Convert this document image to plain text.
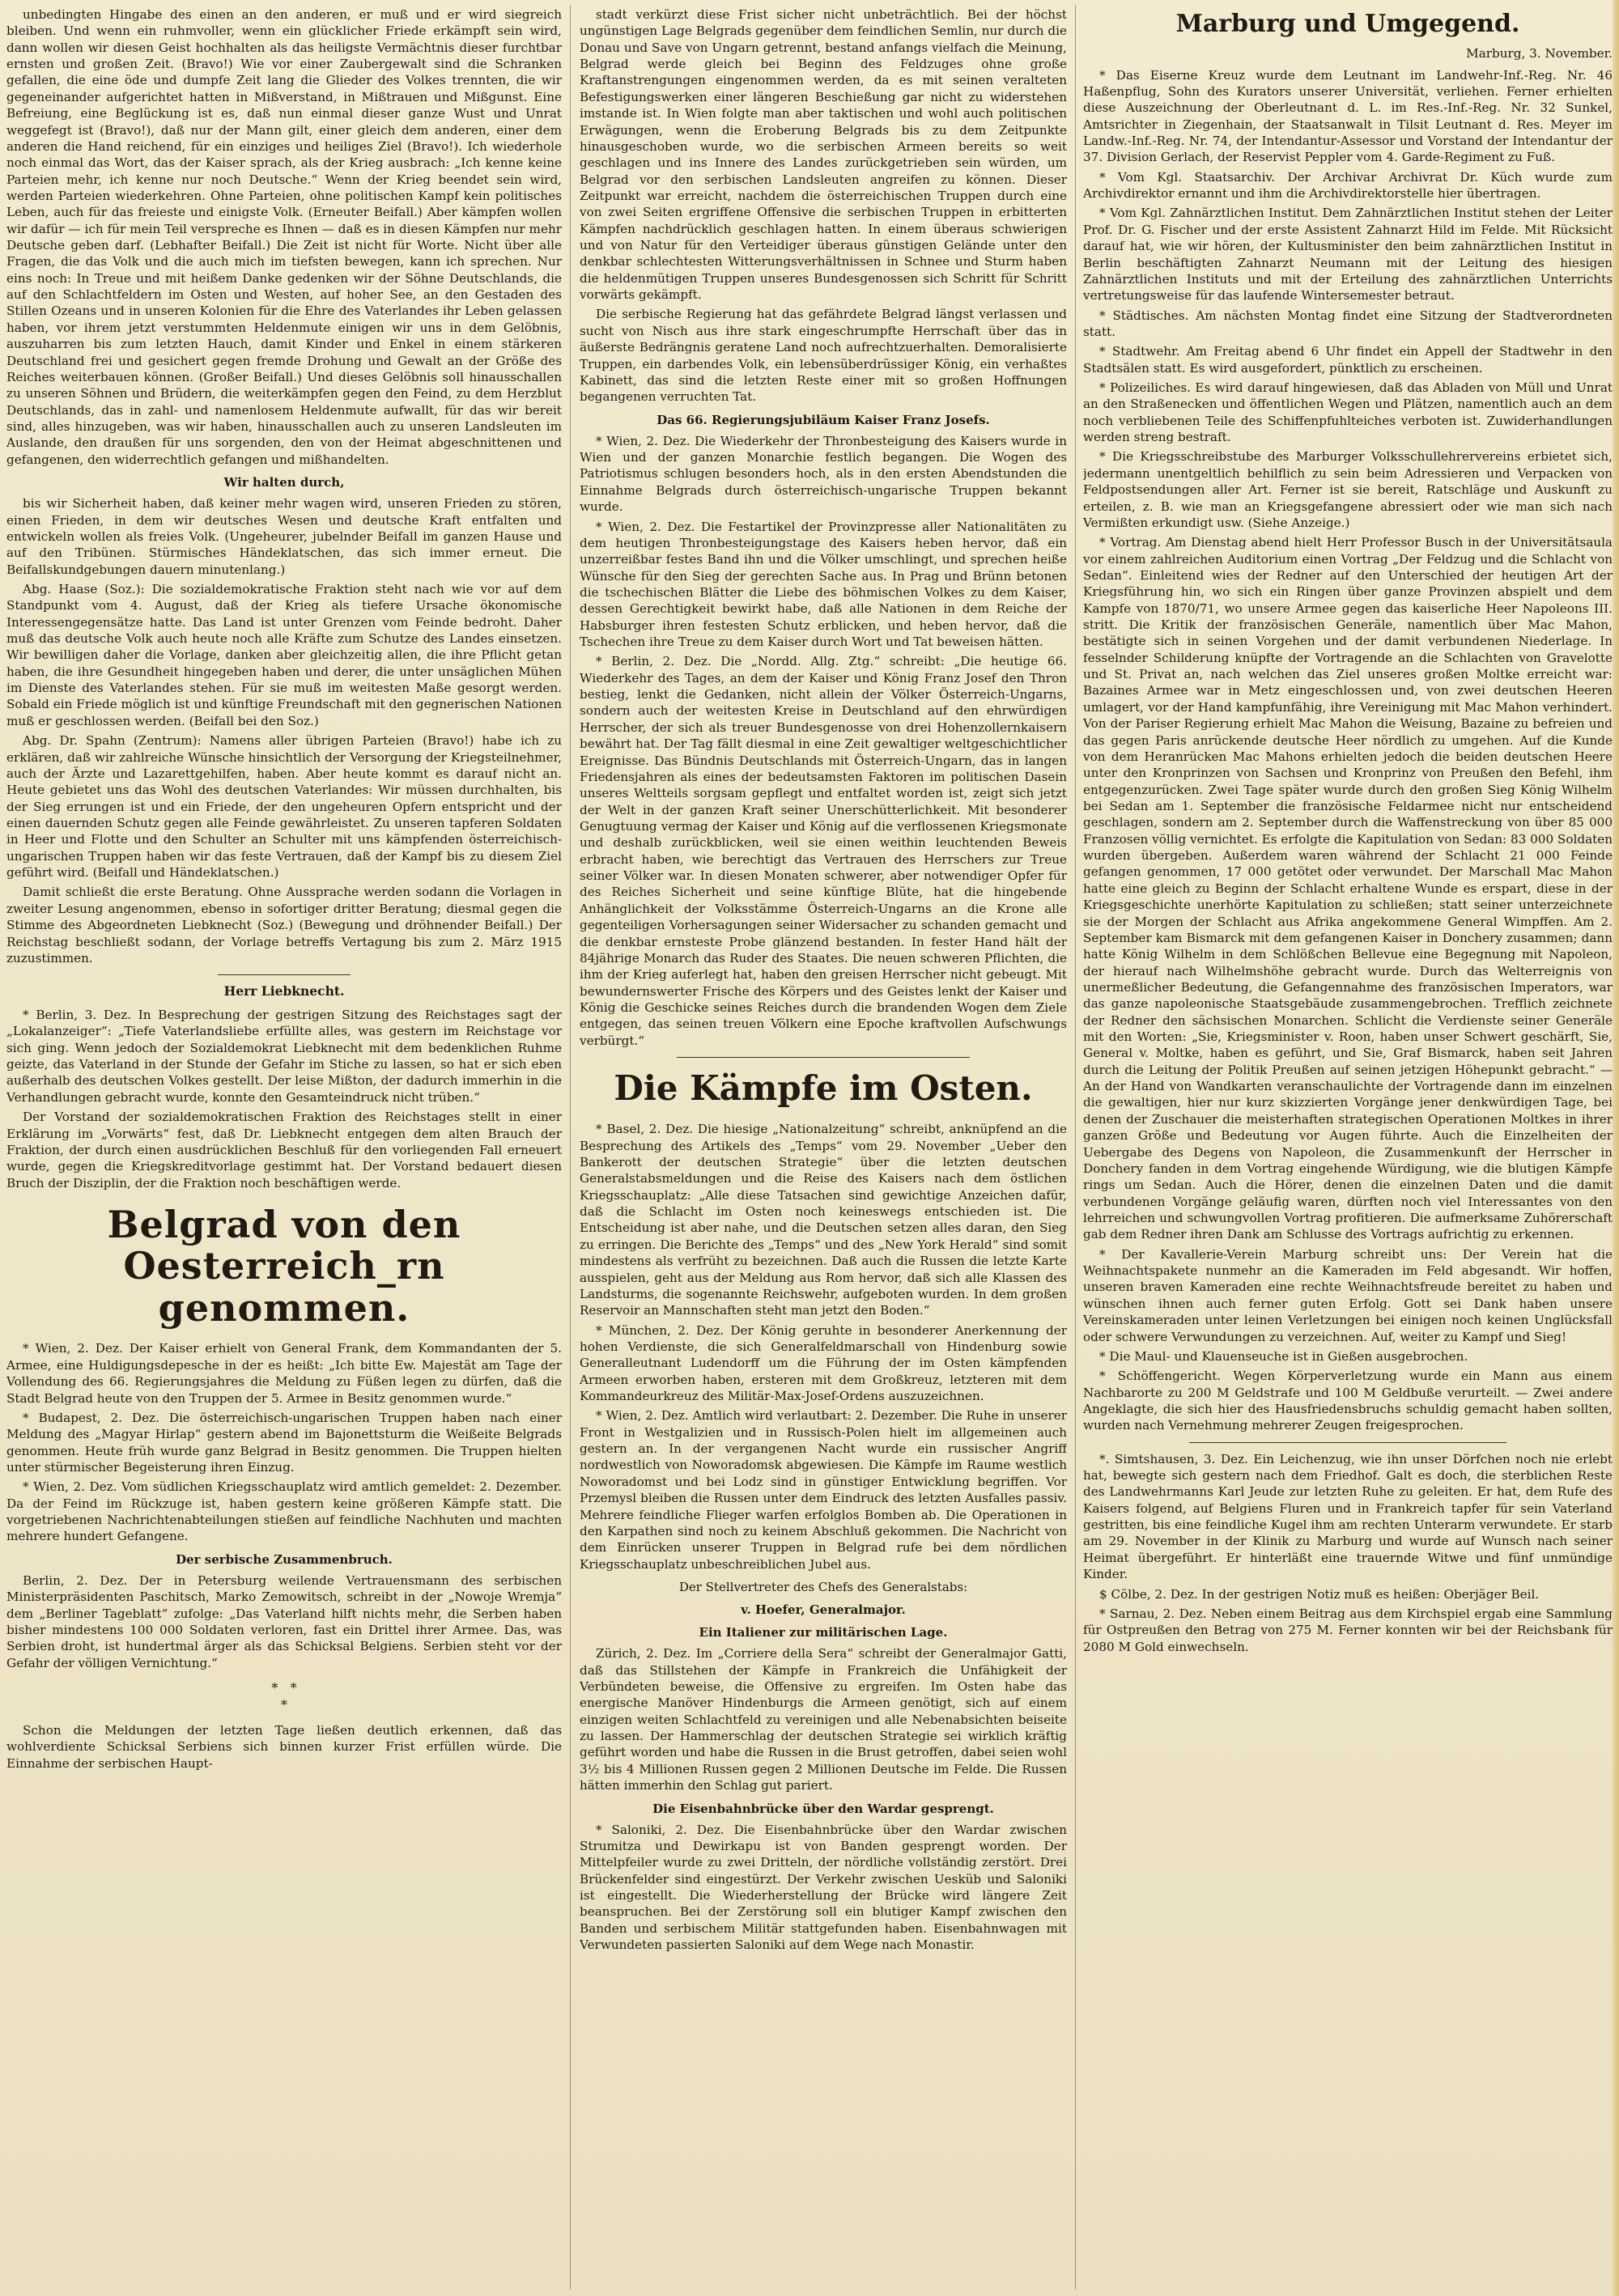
unbedingten Hingabe des einen an den anderen, er muß und er wird siegreich bleiben. Und wenn ein ruhmvoller, wenn ein glücklicher Friede erkämpft sein wird, dann wollen wir diesen Geist hochhalten als das heiligste Vermächtnis dieser furchtbar ernsten und großen Zeit. (Bravo!) Wie vor einer Zaubergewalt sind die Schranken gefallen, die eine öde und dumpfe Zeit lang die Glieder des Volkes trennten, die wir gegeneinander aufgerichtet hatten in Mißverstand, in Mißtrauen und Mißgunst. Eine Befreiung, eine Beglückung ist es, daß nun einmal dieser ganze Wust und Unrat weggefegt ist (Bravo!), daß nur der Mann gilt, einer gleich dem anderen, einer dem anderen die Hand reichend, für ein einziges und heiliges Ziel (Bravo!). Ich wiederhole noch einmal das Wort, das der Kaiser sprach, als der Krieg ausbrach: „Ich kenne keine Parteien mehr, ich kenne nur noch Deutsche.“ Wenn der Krieg beendet sein wird, werden Parteien wiederkehren. Ohne Parteien, ohne politischen Kampf kein politisches Leben, auch für das freieste und einigste Volk. (Erneuter Beifall.) Aber kämpfen wollen wir dafür — ich für mein Teil verspreche es Ihnen — daß es in diesen Kämpfen nur mehr Deutsche geben darf. (Lebhafter Beifall.) Die Zeit ist nicht für Worte. Nicht über alle Fragen, die das Volk und die auch mich im tiefsten bewegen, kann ich sprechen. Nur eins noch: In Treue und mit heißem Danke gedenken wir der Söhne Deutschlands, die auf den Schlachtfeldern im Osten und Westen, auf hoher See, an den Gestaden des Stillen Ozeans und in unseren Kolonien für die Ehre des Vaterlandes ihr Leben gelassen haben, vor ihrem jetzt verstummten Heldenmute einigen wir uns in dem Gelöbnis, auszuharren bis zum letzten Hauch, damit Kinder und Enkel in einem stärkeren Deutschland frei und gesichert gegen fremde Drohung und Gewalt an der Größe des Reiches weiterbauen können. (Großer Beifall.) Und dieses Gelöbnis soll hinausschallen zu unseren Söhnen und Brüdern, die weiterkämpfen gegen den Feind, zu dem Herzblut Deutschlands, das in zahl- und namenlosem Heldenmute aufwallt, für das wir bereit sind, alles hinzugeben, was wir haben, hinausschallen auch zu unseren Landsleuten im Auslande, den draußen für uns sorgenden, den von der Heimat abgeschnittenen und gefangenen, den widerrechtlich gefangen und mißhandelten.

Wir halten durch,

bis wir Sicherheit haben, daß keiner mehr wagen wird, unseren Frieden zu stören, einen Frieden, in dem wir deutsches Wesen und deutsche Kraft entfalten und entwickeln wollen als freies Volk. (Ungeheurer, jubelnder Beifall im ganzen Hause und auf den Tribünen. Stürmisches Händeklatschen, das sich immer erneut. Die Beifallskundgebungen dauern minutenlang.)

Abg. Haase (Soz.): Die sozialdemokratische Fraktion steht nach wie vor auf dem Standpunkt vom 4. August, daß der Krieg als tiefere Ursache ökonomische Interessengegensätze hatte. Das Land ist unter Grenzen vom Feinde bedroht. Daher muß das deutsche Volk auch heute noch alle Kräfte zum Schutze des Landes einsetzen. Wir bewilligen daher die Vorlage, danken aber gleichzeitig allen, die ihre Pflicht getan haben, die ihre Gesundheit hingegeben haben und derer, die unter unsäglichen Mühen im Dienste des Vaterlandes stehen. Für sie muß im weitesten Maße gesorgt werden. Sobald ein Friede möglich ist und künftige Freundschaft mit den gegnerischen Nationen muß er geschlossen werden. (Beifall bei den Soz.)

Abg. Dr. Spahn (Zentrum): Namens aller übrigen Parteien (Bravo!) habe ich zu erklären, daß wir zahlreiche Wünsche hinsichtlich der Versorgung der Kriegsteilnehmer, auch der Ärzte und Lazarettgehilfen, haben. Aber heute kommt es darauf nicht an. Heute gebietet uns das Wohl des deutschen Vaterlandes: Wir müssen durchhalten, bis der Sieg errungen ist und ein Friede, der den ungeheuren Opfern entspricht und der einen dauernden Schutz gegen alle Feinde gewährleistet. Zu unseren tapferen Soldaten in Heer und Flotte und den Schulter an Schulter mit uns kämpfenden österreichisch-ungarischen Truppen haben wir das feste Vertrauen, daß der Kampf bis zu diesem Ziel geführt wird. (Beifall und Händeklatschen.)

Damit schließt die erste Beratung. Ohne Aussprache werden sodann die Vorlagen in zweiter Lesung angenommen, ebenso in sofortiger dritter Beratung; diesmal gegen die Stimme des Abgeordneten Liebknecht (Soz.) (Bewegung und dröhnender Beifall.) Der Reichstag beschließt sodann, der Vorlage betreffs Vertagung bis zum 2. März 1915 zuzustimmen.

Herr Liebknecht.

* Berlin, 3. Dez. In Besprechung der gestrigen Sitzung des Reichstages sagt der „Lokalanzeiger“: „Tiefe Vaterlandsliebe erfüllte alles, was gestern im Reichstage vor sich ging. Wenn jedoch der Sozialdemokrat Liebknecht mit dem bedenklichen Ruhme geizte, das Vaterland in der Stunde der Gefahr im Stiche zu lassen, so hat er sich eben außerhalb des deutschen Volkes gestellt. Der leise Mißton, der dadurch immerhin in die Verhandlungen gebracht wurde, konnte den Gesamteindruck nicht trüben.“

Der Vorstand der sozialdemokratischen Fraktion des Reichstages stellt in einer Erklärung im „Vorwärts“ fest, daß Dr. Liebknecht entgegen dem alten Brauch der Fraktion, der durch einen ausdrücklichen Beschluß für den vorliegenden Fall erneuert wurde, gegen die Kriegskreditvorlage gestimmt hat. Der Vorstand bedauert diesen Bruch der Disziplin, der die Fraktion noch beschäftigen werde.

Belgrad von den Oesterreich_rn
genommen.

* Wien, 2. Dez. Der Kaiser erhielt von General Frank, dem Kommandanten der 5. Armee, eine Huldigungsdepesche in der es heißt: „Ich bitte Ew. Majestät am Tage der Vollendung des 66. Regierungsjahres die Meldung zu Füßen legen zu dürfen, daß die Stadt Belgrad heute von den Truppen der 5. Armee in Besitz genommen wurde.“

* Budapest, 2. Dez. Die österreichisch-ungarischen Truppen haben nach einer Meldung des „Magyar Hirlap“ gestern abend im Bajonettsturm die Weißeite Belgrads genommen. Heute früh wurde ganz Belgrad in Besitz genommen. Die Truppen hielten unter stürmischer Begeisterung ihren Einzug.

* Wien, 2. Dez. Vom südlichen Kriegsschauplatz wird amtlich gemeldet: 2. Dezember. Da der Feind im Rückzuge ist, haben gestern keine größeren Kämpfe statt. Die vorgetriebenen Nachrichtenabteilungen stießen auf feindliche Nachhuten und machten mehrere hundert Gefangene.

Der serbische Zusammenbruch.

Berlin, 2. Dez. Der in Petersburg weilende Vertrauensmann des serbischen Ministerpräsidenten Paschitsch, Marko Zemowitsch, schreibt in der „Nowoje Wremja“ dem „Berliner Tageblatt“ zufolge: „Das Vaterland hilft nichts mehr, die Serben haben bisher mindestens 100 000 Soldaten verloren, fast ein Drittel ihrer Armee. Das, was Serbien droht, ist hundertmal ärger als das Schicksal Belgiens. Serbien steht vor der Gefahr der völligen Vernichtung.“

*   *
*

Schon die Meldungen der letzten Tage ließen deutlich erkennen, daß das wohlverdiente Schicksal Serbiens sich binnen kurzer Frist erfüllen würde. Die Einnahme der serbischen Haupt-

stadt verkürzt diese Frist sicher nicht unbeträchtlich. Bei der höchst ungünstigen Lage Belgrads gegenüber dem feindlichen Semlin, nur durch die Donau und Save von Ungarn getrennt, bestand anfangs vielfach die Meinung, Belgrad werde gleich bei Beginn des Feldzuges ohne große Kraftanstrengungen eingenommen werden, da es mit seinen veralteten Befestigungswerken einer längeren Beschießung gar nicht zu widerstehen imstande ist. In Wien folgte man aber taktischen und wohl auch politischen Erwägungen, wenn die Eroberung Belgrads bis zu dem Zeitpunkte hinausgeschoben wurde, wo die serbischen Armeen bereits so weit geschlagen und ins Innere des Landes zurückgetrieben sein würden, um Belgrad vor den serbischen Landsleuten angreifen zu können. Dieser Zeitpunkt war erreicht, nachdem die österreichischen Truppen durch eine von zwei Seiten ergriffene Offensive die serbischen Truppen in erbitterten Kämpfen nachdrücklich geschlagen hatten. In einem überaus schwierigen und von Natur für den Verteidiger überaus günstigen Gelände unter den denkbar schlechtesten Witterungsverhältnissen in Schnee und Sturm haben die heldenmütigen Truppen unseres Bundesgenossen sich Schritt für Schritt vorwärts gekämpft.

Die serbische Regierung hat das gefährdete Belgrad längst verlassen und sucht von Nisch aus ihre stark eingeschrumpfte Herrschaft über das in äußerste Bedrängnis geratene Land noch aufrechtzuerhalten. Demoralisierte Truppen, ein darbendes Volk, ein lebensüberdrüssiger König, ein verhaßtes Kabinett, das sind die letzten Reste einer mit so großen Hoffnungen begangenen verruchten Tat.

Das 66. Regierungsjubiläum Kaiser Franz Josefs.

* Wien, 2. Dez. Die Wiederkehr der Thronbesteigung des Kaisers wurde in Wien und der ganzen Monarchie festlich begangen. Die Wogen des Patriotismus schlugen besonders hoch, als in den ersten Abendstunden die Einnahme Belgrads durch österreichisch-ungarische Truppen bekannt wurde.

* Wien, 2. Dez. Die Festartikel der Provinzpresse aller Nationalitäten zu dem heutigen Thronbesteigungstage des Kaisers heben hervor, daß ein unzerreißbar festes Band ihn und die Völker umschlingt, und sprechen heiße Wünsche für den Sieg der gerechten Sache aus. In Prag und Brünn betonen die tschechischen Blätter die Liebe des böhmischen Volkes zu dem Kaiser, dessen Gerechtigkeit bewirkt habe, daß alle Nationen in dem Reiche der Habsburger ihren festesten Schutz erblicken, und heben hervor, daß die Tschechen ihre Treue zu dem Kaiser durch Wort und Tat beweisen hätten.

* Berlin, 2. Dez. Die „Nordd. Allg. Ztg.“ schreibt: „Die heutige 66. Wiederkehr des Tages, an dem der Kaiser und König Franz Josef den Thron bestieg, lenkt die Gedanken, nicht allein der Völker Österreich-Ungarns, sondern auch der weitesten Kreise in Deutschland auf den ehrwürdigen Herrscher, der sich als treuer Bundesgenosse von drei Hohenzollernkaisern bewährt hat. Der Tag fällt diesmal in eine Zeit gewaltiger weltgeschichtlicher Ereignisse. Das Bündnis Deutschlands mit Österreich-Ungarn, das in langen Friedensjahren als eines der bedeutsamsten Faktoren im politischen Dasein unseres Weltteils sorgsam gepflegt und entfaltet worden ist, zeigt sich jetzt der Welt in der ganzen Kraft seiner Unerschütterlichkeit. Mit besonderer Genugtuung vermag der Kaiser und König auf die verflossenen Kriegsmonate und deshalb zurückblicken, weil sie einen weithin leuchtenden Beweis erbracht haben, wie berechtigt das Vertrauen des Herrschers zur Treue seiner Völker war. In diesen Monaten schwerer, aber notwendiger Opfer für des Reiches Sicherheit und seine künftige Blüte, hat die hingebende Anhänglichkeit der Volksstämme Österreich-Ungarns an die Krone alle gegenteiligen Vorhersagungen seiner Widersacher zu schanden gemacht und die denkbar ernsteste Probe glänzend bestanden. In fester Hand hält der 84jährige Monarch das Ruder des Staates. Die neuen schweren Pflichten, die ihm der Krieg auferlegt hat, haben den greisen Herrscher nicht gebeugt. Mit bewundernswerter Frische des Körpers und des Geistes lenkt der Kaiser und König die Geschicke seines Reiches durch die brandenden Wogen dem Ziele entgegen, das seinen treuen Völkern eine Epoche kraftvollen Aufschwungs verbürgt.“

Die Kämpfe im Osten.

* Basel, 2. Dez. Die hiesige „Nationalzeitung“ schreibt, anknüpfend an die Besprechung des Artikels des „Temps“ vom 29. November „Ueber den Bankerott der deutschen Strategie“ über die letzten deutschen Generalstabsmeldungen und die Reise des Kaisers nach dem östlichen Kriegsschauplatz: „Alle diese Tatsachen sind gewichtige Anzeichen dafür, daß die Schlacht im Osten noch keineswegs entschieden ist. Die Entscheidung ist aber nahe, und die Deutschen setzen alles daran, den Sieg zu erringen. Die Berichte des „Temps“ und des „New York Herald“ sind somit mindestens als verfrüht zu bezeichnen. Daß auch die Russen die letzte Karte ausspielen, geht aus der Meldung aus Rom hervor, daß sich alle Klassen des Landsturms, die sogenannte Reichswehr, aufgeboten wurden. In dem großen Reservoir an Mannschaften steht man jetzt den Boden.“

* München, 2. Dez. Der König geruhte in besonderer Anerkennung der hohen Verdienste, die sich Generalfeldmarschall von Hindenburg sowie Generalleutnant Ludendorff um die Führung der im Osten kämpfenden Armeen erworben haben, ersteren mit dem Großkreuz, letzteren mit dem Kommandeurkreuz des Militär-Max-Josef-Ordens auszuzeichnen.

* Wien, 2. Dez. Amtlich wird verlautbart: 2. Dezember. Die Ruhe in unserer Front in Westgalizien und in Russisch-Polen hielt im allgemeinen auch gestern an. In der vergangenen Nacht wurde ein russischer Angriff nordwestlich von Noworadomsk abgewiesen. Die Kämpfe im Raume westlich Noworadomst und bei Lodz sind in günstiger Entwicklung begriffen. Vor Przemysl bleiben die Russen unter dem Eindruck des letzten Ausfalles passiv. Mehrere feindliche Flieger warfen erfolglos Bomben ab. Die Operationen in den Karpathen sind noch zu keinem Abschluß gekommen. Die Nachricht von dem Einrücken unserer Truppen in Belgrad rufe bei dem nördlichen Kriegsschauplatz unbeschreiblichen Jubel aus.

Der Stellvertreter des Chefs des Generalstabs:
v. Hoefer, Generalmajor.
Ein Italiener zur militärischen Lage.

Zürich, 2. Dez. Im „Corriere della Sera“ schreibt der Generalmajor Gatti, daß das Stillstehen der Kämpfe in Frankreich die Unfähigkeit der Verbündeten beweise, die Offensive zu ergreifen. Im Osten habe das energische Manöver Hindenburgs die Armeen genötigt, sich auf einem einzigen weiten Schlachtfeld zu vereinigen und alle Nebenabsichten beiseite zu lassen. Der Hammerschlag der deutschen Strategie sei wirklich kräftig geführt worden und habe die Russen in die Brust getroffen, dabei seien wohl 3½ bis 4 Millionen Russen gegen 2 Millionen Deutsche im Felde. Die Russen hätten immerhin den Schlag gut pariert.

Die Eisenbahnbrücke über den Wardar gesprengt.

* Saloniki, 2. Dez. Die Eisenbahnbrücke über den Wardar zwischen Strumitza und Dewirkapu ist von Banden gesprengt worden. Der Mittelpfeiler wurde zu zwei Dritteln, der nördliche vollständig zerstört. Drei Brückenfelder sind eingestürzt. Der Verkehr zwischen Uesküb und Saloniki ist eingestellt. Die Wiederherstellung der Brücke wird längere Zeit beanspruchen. Bei der Zerstörung soll ein blutiger Kampf zwischen den Banden und serbischem Militär stattgefunden haben. Eisenbahnwagen mit Verwundeten passierten Saloniki auf dem Wege nach Monastir.

Marburg und Umgegend.
Marburg, 3. November.

* Das Eiserne Kreuz wurde dem Leutnant im Landwehr-Inf.-Reg. Nr. 46 Haßenpflug, Sohn des Kurators unserer Universität, verliehen. Ferner erhielten diese Auszeichnung der Oberleutnant d. L. im Res.-Inf.-Reg. Nr. 32 Sunkel, Amtsrichter in Ziegenhain, der Staatsanwalt in Tilsit Leutnant d. Res. Meyer im Landw.-Inf.-Reg. Nr. 74, der Intendantur-Assessor und Vorstand der Intendantur der 37. Division Gerlach, der Reservist Peppler vom 4. Garde-Regiment zu Fuß.

* Vom Kgl. Staatsarchiv. Der Archivar Archivrat Dr. Küch wurde zum Archivdirektor ernannt und ihm die Archivdirektorstelle hier übertragen.

* Vom Kgl. Zahnärztlichen Institut. Dem Zahnärztlichen Institut stehen der Leiter Prof. Dr. G. Fischer und der erste Assistent Zahnarzt Hild im Felde. Mit Rücksicht darauf hat, wie wir hören, der Kultusminister den beim zahnärztlichen Institut in Berlin beschäftigten Zahnarzt Neumann mit der Leitung des hiesigen Zahnärztlichen Instituts und mit der Erteilung des zahnärztlichen Unterrichts vertretungsweise für das laufende Wintersemester betraut.

* Städtisches. Am nächsten Montag findet eine Sitzung der Stadtverordneten statt.

* Stadtwehr. Am Freitag abend 6 Uhr findet ein Appell der Stadtwehr in den Stadtsälen statt. Es wird ausgefordert, pünktlich zu erscheinen.

* Polizeiliches. Es wird darauf hingewiesen, daß das Abladen von Müll und Unrat an den Straßenecken und öffentlichen Wegen und Plätzen, namentlich auch an dem noch verbliebenen Teile des Schiffenpfuhlteiches verboten ist. Zuwiderhandlungen werden streng bestraft.

* Die Kriegsschreibstube des Marburger Volksschullehrervereins erbietet sich, jedermann unentgeltlich behilflich zu sein beim Adressieren und Verpacken von Feldpostsendungen aller Art. Ferner ist sie bereit, Ratschläge und Auskunft zu erteilen, z. B. wie man an Kriegsgefangene abressiert oder wie man sich nach Vermißten erkundigt usw. (Siehe Anzeige.)

* Vortrag. Am Dienstag abend hielt Herr Professor Busch in der Universitätsaula vor einem zahlreichen Auditorium einen Vortrag „Der Feldzug und die Schlacht von Sedan“. Einleitend wies der Redner auf den Unterschied der heutigen Art der Kriegsführung hin, wo sich ein Ringen über ganze Provinzen abspielt und dem Kampfe von 1870/71, wo unsere Armee gegen das kaiserliche Heer Napoleons III. stritt. Die Kritik der französischen Generäle, namentlich über Mac Mahon, bestätigte sich in seinen Vorgehen und der damit verbundenen Niederlage. In fesselnder Schilderung knüpfte der Vortragende an die Schlachten von Gravelotte und St. Privat an, nach welchen das Ziel unseres großen Moltke erreicht war: Bazaines Armee war in Metz eingeschlossen und, von zwei deutschen Heeren umlagert, vor der Hand kampfunfähig, ihre Vereinigung mit Mac Mahon verhindert. Von der Pariser Regierung erhielt Mac Mahon die Weisung, Bazaine zu befreien und das gegen Paris anrückende deutsche Heer nördlich zu umgehen. Auf die Kunde von dem Heranrücken Mac Mahons erhielten jedoch die beiden deutschen Heere unter den Kronprinzen von Sachsen und Kronprinz von Preußen den Befehl, ihm entgegenzurücken. Zwei Tage später wurde durch den großen Sieg König Wilhelm bei Sedan am 1. September die französische Feldarmee nicht nur entscheidend geschlagen, sondern am 2. September durch die Waffenstreckung von über 85 000 Franzosen völlig vernichtet. Es erfolgte die Kapitulation von Sedan: 83 000 Soldaten wurden übergeben. Außerdem waren während der Schlacht 21 000 Feinde gefangen genommen, 17 000 getötet oder verwundet. Der Marschall Mac Mahon hatte eine gleich zu Beginn der Schlacht erhaltene Wunde es erspart, diese in der Kriegsgeschichte unerhörte Kapitulation zu schließen; statt seiner unterzeichnete sie der Morgen der Schlacht aus Afrika angekommene General Wimpffen. Am 2. September kam Bismarck mit dem gefangenen Kaiser in Donchery zusammen; dann hatte König Wilhelm in dem Schlößchen Bellevue eine Begegnung mit Napoleon, der hierauf nach Wilhelmshöhe gebracht wurde. Durch das Welterreignis von unermeßlicher Bedeutung, die Gefangennahme des französischen Imperators, war das ganze napoleonische Staatsgebäude zusammengebrochen. Trefflich zeichnete der Redner den sächsischen Monarchen. Schlicht die Verdienste seiner Generäle mit den Worten: „Sie, Kriegsminister v. Roon, haben unser Schwert geschärft, Sie, General v. Moltke, haben es geführt, und Sie, Graf Bismarck, haben seit Jahren durch die Leitung der Politik Preußen auf seinen jetzigen Höhepunkt gebracht.“ — An der Hand von Wandkarten veranschaulichte der Vortragende dann im einzelnen die gewaltigen, hier nur kurz skizzierten Vorgänge jener denkwürdigen Tage, bei denen der Zuschauer die meisterhaften strategischen Operationen Moltkes in ihrer ganzen Größe und Bedeutung vor Augen führte. Auch die Einzelheiten der Uebergabe des Degens von Napoleon, die Zusammenkunft der Herrscher in Donchery fanden in dem Vortrag eingehende Würdigung, wie die blutigen Kämpfe rings um Sedan. Auch die Hörer, denen die einzelnen Daten und die damit verbundenen Vorgänge geläufig waren, dürften noch viel Interessantes von den lehrreichen und schwungvollen Vortrag profitieren. Die aufmerksame Zuhörerschaft gab dem Redner ihren Dank am Schlusse des Vortrags aufrichtig zu erkennen.

* Der Kavallerie-Verein Marburg schreibt uns: Der Verein hat die Weihnachtspakete nunmehr an die Kameraden im Feld abgesandt. Wir hoffen, unseren braven Kameraden eine rechte Weihnachtsfreude bereitet zu haben und wünschen ihnen auch ferner guten Erfolg. Gott sei Dank haben unsere Vereinskameraden unter leinen Verletzungen bei einigen noch keinen Unglücksfall oder schwere Verwundungen zu verzeichnen. Auf, weiter zu Kampf und Sieg!

* Die Maul- und Klauenseuche ist in Gießen ausgebrochen.

* Schöffengericht. Wegen Körperverletzung wurde ein Mann aus einem Nachbarorte zu 200 M Geldstrafe und 100 M Geldbuße verurteilt. — Zwei andere Angeklagte, die sich hier des Hausfriedensbruchs schuldig gemacht haben sollten, wurden nach Vernehmung mehrerer Zeugen freigesprochen.

*. Simtshausen, 3. Dez. Ein Leichenzug, wie ihn unser Dörfchen noch nie erlebt hat, bewegte sich gestern nach dem Friedhof. Galt es doch, die sterblichen Reste des Landwehrmanns Karl Jeude zur letzten Ruhe zu geleiten. Er hat, dem Rufe des Kaisers folgend, auf Belgiens Fluren und in Frankreich tapfer für sein Vaterland gestritten, bis eine feindliche Kugel ihm am rechten Unterarm verwundete. Er starb am 29. November in der Klinik zu Marburg und wurde auf Wunsch nach seiner Heimat übergeführt. Er hinterläßt eine trauernde Witwe und fünf unmündige Kinder.

$ Cölbe, 2. Dez. In der gestrigen Notiz muß es heißen: Oberjäger Beil.

* Sarnau, 2. Dez. Neben einem Beitrag aus dem Kirchspiel ergab eine Sammlung für Ostpreußen den Betrag von 275 M. Ferner konnten wir bei der Reichsbank für 2080 M Gold einwechseln.
